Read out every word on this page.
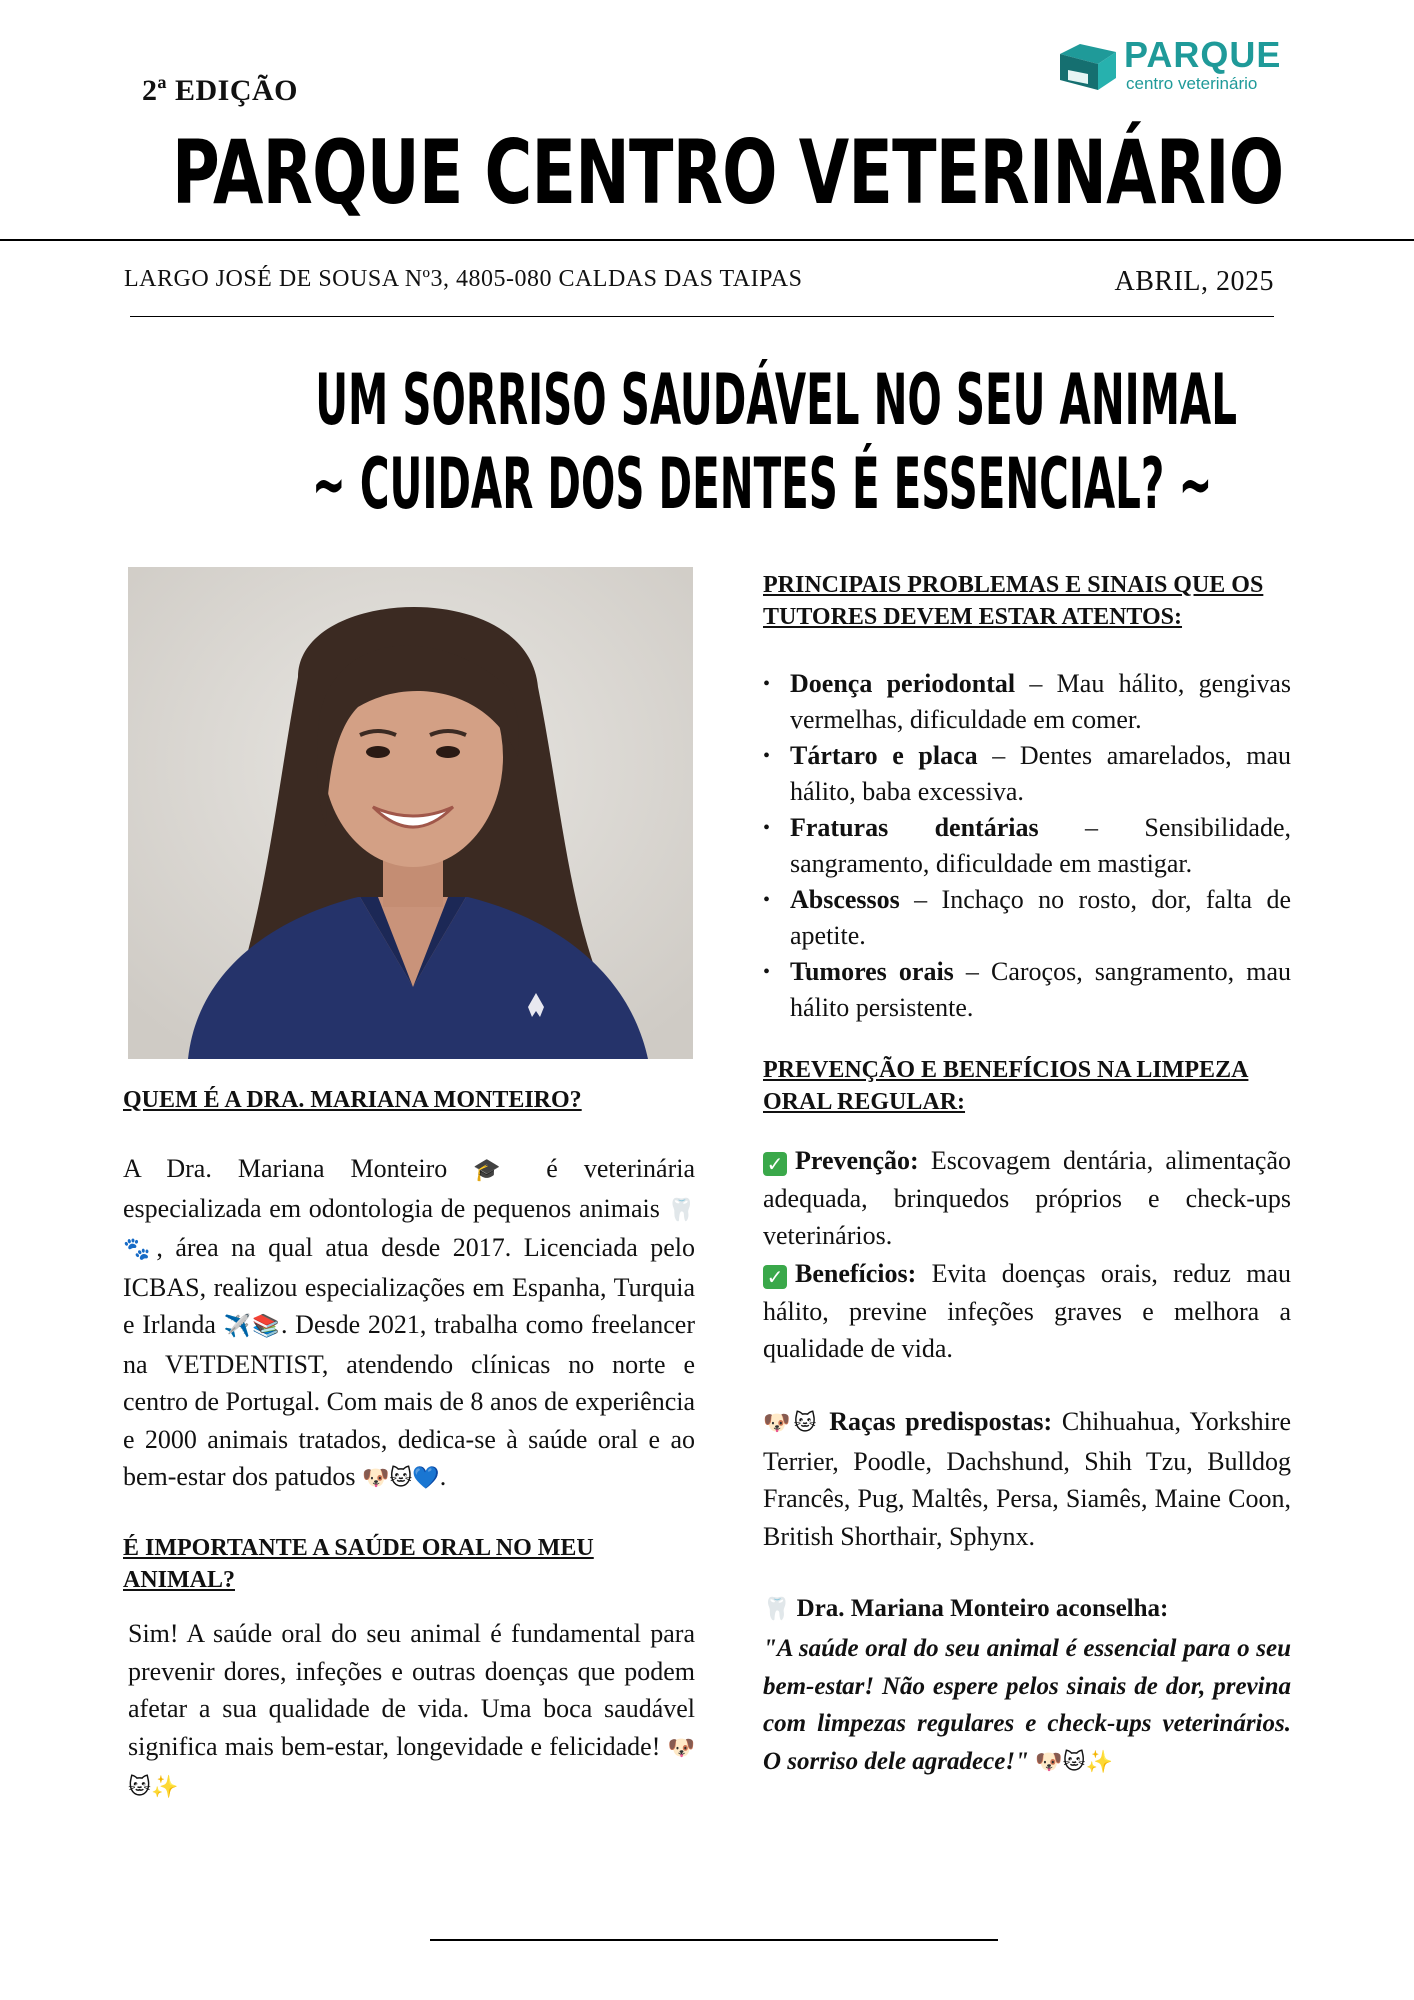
2ª EDIÇÃO
PARQUE
centro veterinário
PARQUE CENTRO VETERINÁRIO
LARGO JOSÉ DE SOUSA Nº3, 4805-080 CALDAS DAS TAIPAS	ABRIL, 2025
UM SORRISO SAUDÁVEL NO SEU ANIMAL
~ CUIDAR DOS DENTES É ESSENCIAL? ~
QUEM É A DRA. MARIANA MONTEIRO?
A Dra. Mariana Monteiro 🎓 é veterinária especializada em odontologia de pequenos animais 🦷 🐾, área na qual atua desde 2017. Licenciada pelo ICBAS, realizou especializações em Espanha, Turquia e Irlanda ✈️📚. Desde 2021, trabalha como freelancer na VETDENTIST, atendendo clínicas no norte e centro de Portugal. Com mais de 8 anos de experiência e 2000 animais tratados, dedica-se à saúde oral e ao bem-estar dos patudos 🐶🐱💙.
É IMPORTANTE A SAÚDE ORAL NO MEU
ANIMAL?
Sim! A saúde oral do seu animal é fundamental para prevenir dores, infeções e outras doenças que podem afetar a sua qualidade de vida. Uma boca saudável significa mais bem-estar, longevidade e felicidade! 🐶 🐱✨
PRINCIPAIS PROBLEMAS E SINAIS QUE OS
TUTORES DEVEM ESTAR ATENTOS:
• Doença periodontal – Mau hálito, gengivas vermelhas, dificuldade em comer.
• Tártaro e placa – Dentes amarelados, mau hálito, baba excessiva.
• Fraturas dentárias – Sensibilidade, sangramento, dificuldade em mastigar.
• Abscessos – Inchaço no rosto, dor, falta de apetite.
• Tumores orais – Caroços, sangramento, mau hálito persistente.
PREVENÇÃO E BENEFÍCIOS NA LIMPEZA
ORAL REGULAR:
✓ Prevenção: Escovagem dentária, alimentação adequada, brinquedos próprios e check-ups veterinários.
✓ Benefícios: Evita doenças orais, reduz mau hálito, previne infeções graves e melhora a qualidade de vida.
🐶🐱 Raças predispostas: Chihuahua, Yorkshire Terrier, Poodle, Dachshund, Shih Tzu, Bulldog Francês, Pug, Maltês, Persa, Siamês, Maine Coon, British Shorthair, Sphynx.
🦷 Dra. Mariana Monteiro aconselha:
"A saúde oral do seu animal é essencial para o seu bem-estar! Não espere pelos sinais de dor, previna com limpezas regulares e check-ups veterinários. O sorriso dele agradece!" 🐶🐱✨
